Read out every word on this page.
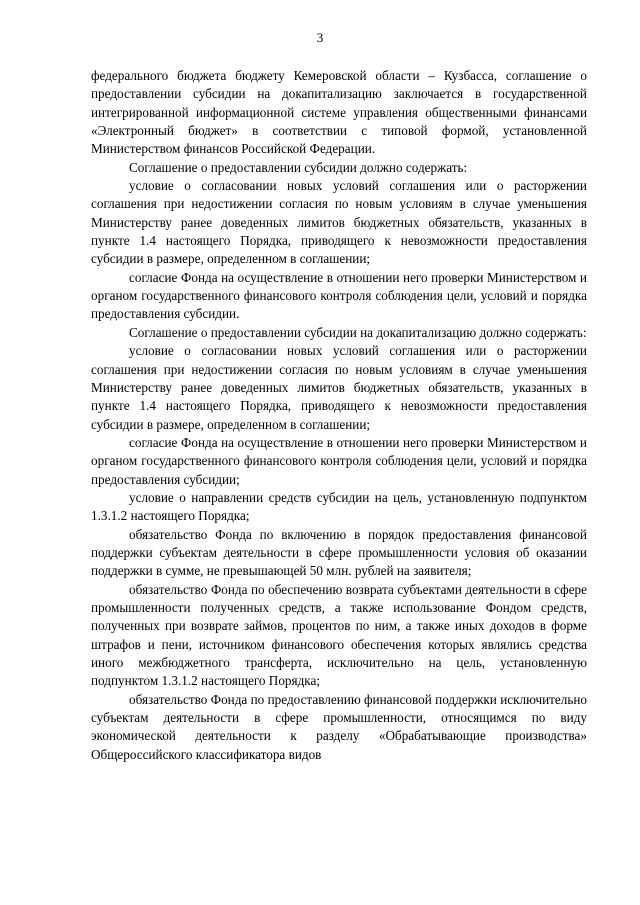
3

федерального бюджета бюджету Кемеровской области – Кузбасса, соглашение о предоставлении субсидии на докапитализацию заключается в государственной интегрированной информационной системе управления общественными финансами «Электронный бюджет» в соответствии с типовой формой, установленной Министерством финансов Российской Федерации.

Соглашение о предоставлении субсидии должно содержать:

условие о согласовании новых условий соглашения или о расторжении соглашения при недостижении согласия по новым условиям в случае уменьшения Министерству ранее доведенных лимитов бюджетных обязательств, указанных в пункте 1.4 настоящего Порядка, приводящего к невозможности предоставления субсидии в размере, определенном в соглашении;

согласие Фонда на осуществление в отношении него проверки Министерством и органом государственного финансового контроля соблюдения цели, условий и порядка предоставления субсидии.

Соглашение о предоставлении субсидии на докапитализацию должно содержать:

условие о согласовании новых условий соглашения или о расторжении соглашения при недостижении согласия по новым условиям в случае уменьшения Министерству ранее доведенных лимитов бюджетных обязательств, указанных в пункте 1.4 настоящего Порядка, приводящего к невозможности предоставления субсидии в размере, определенном в соглашении;

согласие Фонда на осуществление в отношении него проверки Министерством и органом государственного финансового контроля соблюдения цели, условий и порядка предоставления субсидии;

условие о направлении средств субсидии на цель, установленную подпунктом 1.3.1.2 настоящего Порядка;

обязательство Фонда по включению в порядок предоставления финансовой поддержки субъектам деятельности в сфере промышленности условия об оказании поддержки в сумме, не превышающей 50 млн. рублей на заявителя;

обязательство Фонда по обеспечению возврата субъектами деятельности в сфере промышленности полученных средств, а также использование Фондом средств, полученных при возврате займов, процентов по ним, а также иных доходов в форме штрафов и пени, источником финансового обеспечения которых являлись средства иного межбюджетного трансферта, исключительно на цель, установленную подпунктом 1.3.1.2 настоящего Порядка;

обязательство Фонда по предоставлению финансовой поддержки исключительно субъектам деятельности в сфере промышленности, относящимся по виду экономической деятельности к разделу «Обрабатывающие производства» Общероссийского классификатора видов
